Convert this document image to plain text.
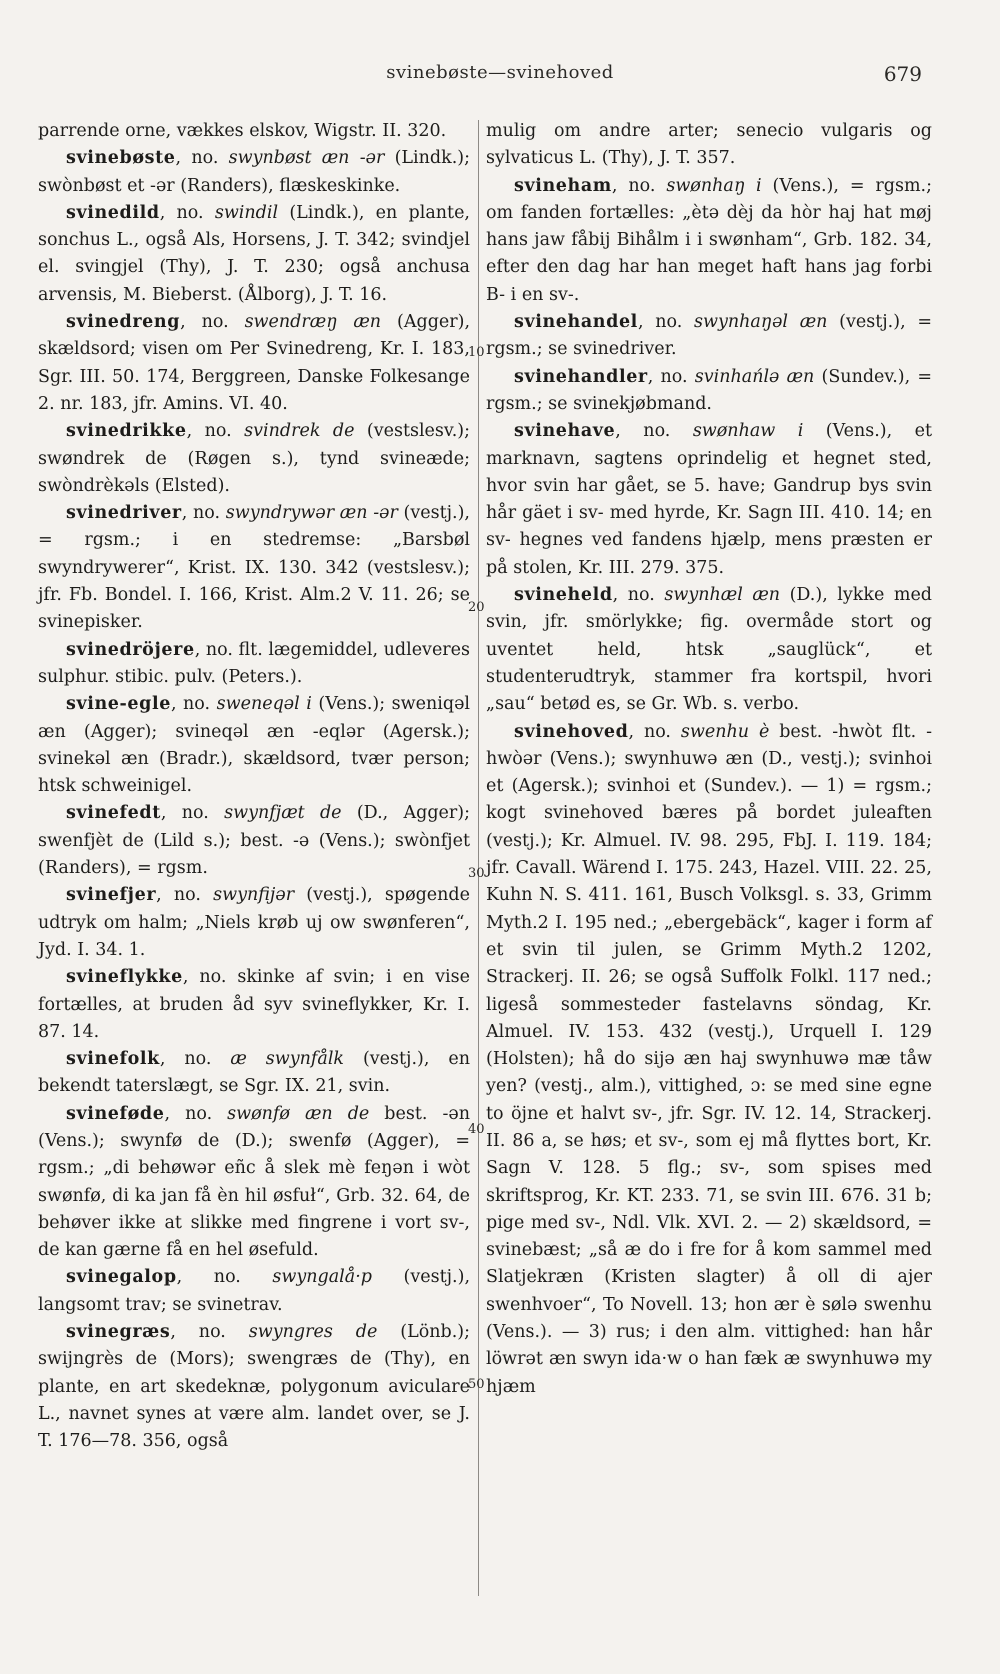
svinebøste—svinehoved	679

parrende orne, vækkes elskov, Wigstr. II. 320.

svinebøste, no. swynbøst æn -ər (Lindk.); swònbøst et -ər (Randers), flæskeskinke.

svinedild, no. swindil (Lindk.), en plante, sonchus L., også Als, Horsens, J. T. 342; svindjel el. svingjel (Thy), J. T. 230; også anchusa arvensis, M. Bieberst. (Ålborg), J. T. 16.

svinedreng, no. swendræŋ æn (Agger), skældsord; visen om Per Svinedreng, Kr. I. 183, Sgr. III. 50. 174, Berggreen, Danske Folkesange 2. nr. 183, jfr. Amins. VI. 40.

svinedrikke, no. svindrek de (vestslesv.); swøndrek de (Røgen s.), tynd svineæde; swòndrèkəls (Elsted).

svinedriver, no. swyndrywər æn -ər (vestj.), = rgsm.; i en stedremse: „Barsbøl swyndrywerer“, Krist. IX. 130. 342 (vestslesv.); jfr. Fb. Bondel. I. 166, Krist. Alm.2 V. 11. 26; se svinepisker.

svinedröjere, no. flt. lægemiddel, udleveres sulphur. stibic. pulv. (Peters.).

svine-egle, no. sweneqəl i (Vens.); sweniqəl æn (Agger); svineqəl æn -eqlər (Agersk.); svinekəl æn (Bradr.), skældsord, tvær person; htsk schweinigel.

svinefedt, no. swynfjæt de (D., Agger); swenfjèt de (Lild s.); best. -ə (Vens.); swònfjet (Randers), = rgsm.

svinefjer, no. swynfijər (vestj.), spøgende udtryk om halm; „Niels krøb uj ow swønferen“, Jyd. I. 34. 1.

svineflykke, no. skinke af svin; i en vise fortælles, at bruden åd syv svineflykker, Kr. I. 87. 14.

svinefolk, no. æ swynfålk (vestj.), en bekendt taterslægt, se Sgr. IX. 21, svin.

svineføde, no. swønfø æn de best. -ən (Vens.); swynfø de (D.); swenfø (Agger), = rgsm.; „di behøwər eñc å slek mè feŋən i wòt swønfø, di ka jan få èn hil øsfuł“, Grb. 32. 64, de behøver ikke at slikke med fingrene i vort sv-, de kan gærne få en hel øsefuld.

svinegalop, no. swyngalå·p (vestj.), langsomt trav; se svinetrav.

svinegræs, no. swyngres de (Lönb.); swijngrès de (Mors); swengræs de (Thy), en plante, en art skedeknæ, polygonum aviculare L., navnet synes at være alm. landet over, se J. T. 176—78. 356, også

mulig om andre arter; senecio vulgaris og sylvaticus L. (Thy), J. T. 357.

svineham, no. swønhaŋ i (Vens.), = rgsm.; om fanden fortælles: „ètə dèj da hòr haj hat møj hans jaw fåbij Bihålm i i swønham“, Grb. 182. 34, efter den dag har han meget haft hans jag forbi B- i en sv-.

svinehandel, no. swynhaŋəl æn (vestj.), = rgsm.; se svinedriver.

svinehandler, no. svinhańlə æn (Sundev.), = rgsm.; se svinekjøbmand.

svinehave, no. swønhaw i (Vens.), et marknavn, sagtens oprindelig et hegnet sted, hvor svin har gået, se 5. have; Gandrup bys svin hår gäet i sv- med hyrde, Kr. Sagn III. 410. 14; en sv- hegnes ved fandens hjælp, mens præsten er på stolen, Kr. III. 279. 375.

svineheld, no. swynhæl æn (D.), lykke med svin, jfr. smörlykke; fig. overmåde stort og uventet held, htsk „sauglück“, et studenterudtryk, stammer fra kortspil, hvori „sau“ betød es, se Gr. Wb. s. verbo.

svinehoved, no. swenhu è best. -hwòt flt. -hwòər (Vens.); swynhuwə æn (D., vestj.); svinhoi et (Agersk.); svinhoi et (Sundev.). — 1) = rgsm.; kogt svinehoved bæres på bordet juleaften (vestj.); Kr. Almuel. IV. 98. 295, FbJ. I. 119. 184; jfr. Cavall. Wärend I. 175. 243, Hazel. VIII. 22. 25, Kuhn N. S. 411. 161, Busch Volksgl. s. 33, Grimm Myth.2 I. 195 ned.; „ebergebäck“, kager i form af et svin til julen, se Grimm Myth.2 1202, Strackerj. II. 26; se også Suffolk Folkl. 117 ned.; ligeså sommesteder fastelavns söndag, Kr. Almuel. IV. 153. 432 (vestj.), Urquell I. 129 (Holsten); hå do sijə æn haj swynhuwə mæ tåw yen? (vestj., alm.), vittighed, ɔ: se med sine egne to öjne et halvt sv-, jfr. Sgr. IV. 12. 14, Strackerj. II. 86 a, se høs; et sv-, som ej må flyttes bort, Kr. Sagn V. 128. 5 flg.; sv-, som spises med skriftsprog, Kr. KT. 233. 71, se svin III. 676. 31 b; pige med sv-, Ndl. Vlk. XVI. 2. — 2) skældsord, = svinebæst; „så æ do i fre for å kom sammel med Slatjekræn (Kristen slagter) å oll di ajer swenhvoer“, To Novell. 13; hon ær è sølə swenhu (Vens.). — 3) rus; i den alm. vittighed: han hår löwrət æn swyn ida·w o han fæk æ swynhuwə my hjæm

10
20
30
40
50
